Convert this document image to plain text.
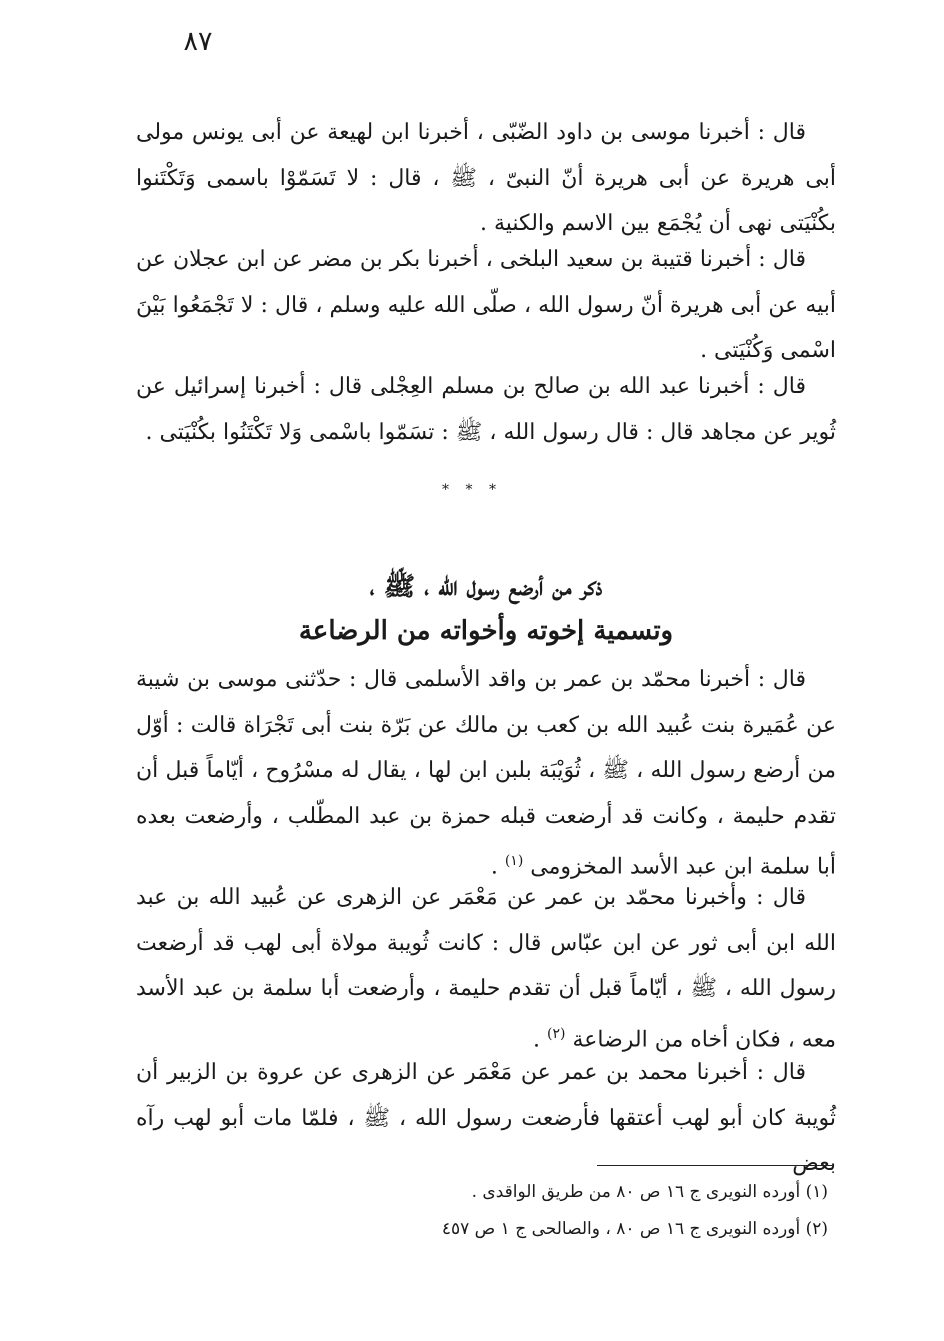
٨٧

قال : أخبرنا موسى بن داود الضّبّى ، أخبرنا ابن لهيعة عن أبى يونس مولى أبى هريرة عن أبى هريرة أنّ النبىّ ، ﷺ ، قال : لا تَسَمّوْا باسمى وَتَكْتَنوا بكُنْيَتى نهى أن يُجْمَع بين الاسم والكنية .

قال : أخبرنا قتيبة بن سعيد البلخى ، أخبرنا بكر بن مضر عن ابن عجلان عن أبيه عن أبى هريرة أنّ رسول الله ، صلّى الله عليه وسلم ، قال : لا تَجْمَعُوا بَيْنَ اسْمى وَكُنْيَتى .

قال : أخبرنا عبد الله بن صالح بن مسلم العِجْلى قال : أخبرنا إسرائيل عن ثُوير عن مجاهد قال : قال رسول الله ، ﷺ : تسَمّوا باسْمى وَلا تَكْتَنُوا بكُنْيَتى .

* * *
ذكر من أرضع رسول الله ، ﷺ ،
وتسمية إخوته وأخواته من الرضاعة

قال : أخبرنا محمّد بن عمر بن واقد الأسلمى قال : حدّثنى موسى بن شيبة عن عُمَيرة بنت عُبيد الله بن كعب بن مالك عن بَرّة بنت أبى تَجْرَاة قالت : أوّل من أرضع رسول الله ، ﷺ ، ثُوَيْبَة بلبن ابن لها ، يقال له مسْرُوح ، أيّاماً قبل أن تقدم حليمة ، وكانت قد أرضعت قبله حمزة بن عبد المطّلب ، وأرضعت بعده أبا سلمة ابن عبد الأسد المخزومى $^{(١)}$ .

قال : وأخبرنا محمّد بن عمر عن مَعْمَر عن الزهرى عن عُبيد الله بن عبد الله ابن أبى ثور عن ابن عبّاس قال : كانت ثُويبة مولاة أبى لهب قد أرضعت رسول الله ، ﷺ ، أيّاماً قبل أن تقدم حليمة ، وأرضعت أبا سلمة بن عبد الأسد معه ، فكان أخاه من الرضاعة $^{(٢)}$ .

قال : أخبرنا محمد بن عمر عن مَعْمَر عن الزهرى عن عروة بن الزبير أن ثُويبة كان أبو لهب أعتقها فأرضعت رسول الله ، ﷺ ، فلمّا مات أبو لهب رآه بعض

(١) أورده النويرى ج ١٦ ص ٨٠ من طريق الواقدى .

(٢) أورده النويرى ج ١٦ ص ٨٠ ، والصالحى ج ١ ص ٤٥٧
